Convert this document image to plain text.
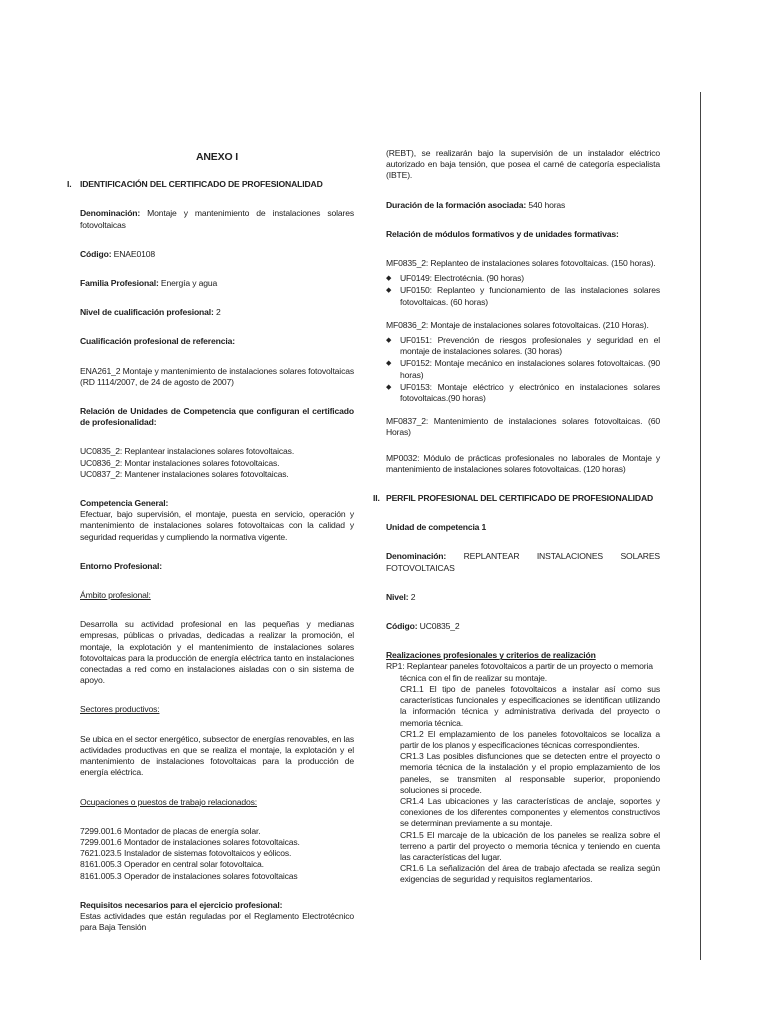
ANEXO I
I. IDENTIFICACIÓN DEL CERTIFICADO DE PROFESIONALIDAD

Denominación: Montaje y mantenimiento de instalaciones solares fotovoltaicas

Código: ENAE0108

Familia Profesional: Energía y agua

Nivel de cualificación profesional: 2

Cualificación profesional de referencia:

ENA261_2 Montaje y mantenimiento de instalaciones solares fotovoltaicas (RD 1114/2007, de 24 de agosto de 2007)

Relación de Unidades de Competencia que configuran el certificado de profesionalidad:

UC0835_2: Replantear instalaciones solares fotovoltaicas.
UC0836_2: Montar instalaciones solares fotovoltaicas.
UC0837_2: Mantener instalaciones solares fotovoltaicas.

Competencia General:

Efectuar, bajo supervisión, el montaje, puesta en servicio, operación y mantenimiento de instalaciones solares fotovoltaicas con la calidad y seguridad requeridas y cumpliendo la normativa vigente.

Entorno Profesional:

Ámbito profesional:

Desarrolla su actividad profesional en las pequeñas y medianas empresas, públicas o privadas, dedicadas a realizar la promoción, el montaje, la explotación y el mantenimiento de instalaciones solares fotovoltaicas para la producción de energía eléctrica tanto en instalaciones conectadas a red como en instalaciones aisladas con o sin sistema de apoyo.

Sectores productivos:

Se ubica en el sector energético, subsector de energías renovables, en las actividades productivas en que se realiza el montaje, la explotación y el mantenimiento de instalaciones fotovoltaicas para la producción de energía eléctrica.

Ocupaciones o puestos de trabajo relacionados:

7299.001.6 Montador de placas de energía solar.
7299.001.6 Montador de instalaciones solares fotovoltaicas.
7621.023.5 Instalador de sistemas fotovoltaicos y eólicos.
8161.005.3 Operador en central solar fotovoltaica.
8161.005.3 Operador de instalaciones solares fotovoltaicas

Requisitos necesarios para el ejercicio profesional:

Estas actividades que están reguladas por el Reglamento Electrotécnico para Baja Tensión

(REBT), se realizarán bajo la supervisión de un instalador eléctrico autorizado en baja tensión, que posea el carné de categoría especialista (IBTE).

Duración de la formación asociada: 540 horas

Relación de módulos formativos y de unidades formativas:

MF0835_2: Replanteo de instalaciones solares fotovoltaicas. (150 horas).

◆	UF0149: Electrotécnia. (90 horas)
◆	UF0150: Replanteo y funcionamiento de las instalaciones solares fotovoltaicas. (60 horas)

MF0836_2: Montaje de instalaciones solares fotovoltaicas. (210 Horas).

◆	UF0151: Prevención de riesgos profesionales y seguridad en el montaje de instalaciones solares. (30 horas)
◆	UF0152: Montaje mecánico en instalaciones solares fotovoltaicas. (90 horas)
◆	UF0153: Montaje eléctrico y electrónico en instalaciones solares fotovoltaicas.(90 horas)

MF0837_2: Mantenimiento de instalaciones solares fotovoltaicas. (60 Horas)

MP0032: Módulo de prácticas profesionales no laborales de Montaje y mantenimiento de instalaciones solares fotovoltaicas. (120 horas)

II. PERFIL PROFESIONAL DEL CERTIFICADO DE PROFESIONALIDAD

Unidad de competencia 1

Denominación: REPLANTEAR INSTALACIONES SOLARES FOTOVOLTAICAS

Nivel: 2

Código: UC0835_2

Realizaciones profesionales y criterios de realización

RP1: Replantear paneles fotovoltaicos a partir de un proyecto o memoria técnica con el fin de realizar su montaje.
CR1.1 El tipo de paneles fotovoltaicos a instalar así como sus características funcionales y especificaciones se identifican utilizando la información técnica y administrativa derivada del proyecto o memoria técnica.
CR1.2 El emplazamiento de los paneles fotovoltaicos se localiza a partir de los planos y especificaciones técnicas correspondientes.
CR1.3 Las posibles disfunciones que se detecten entre el proyecto o memoria técnica de la instalación y el propio emplazamiento de los paneles, se transmiten al responsable superior, proponiendo soluciones si procede.
CR1.4 Las ubicaciones y las características de anclaje, soportes y conexiones de los diferentes componentes y elementos constructivos se determinan previamente a su montaje.
CR1.5 El marcaje de la ubicación de los paneles se realiza sobre el terreno a partir del proyecto o memoria técnica y teniendo en cuenta las características del lugar.
CR1.6 La señalización del área de trabajo afectada se realiza según exigencias de seguridad y requisitos reglamentarios.
